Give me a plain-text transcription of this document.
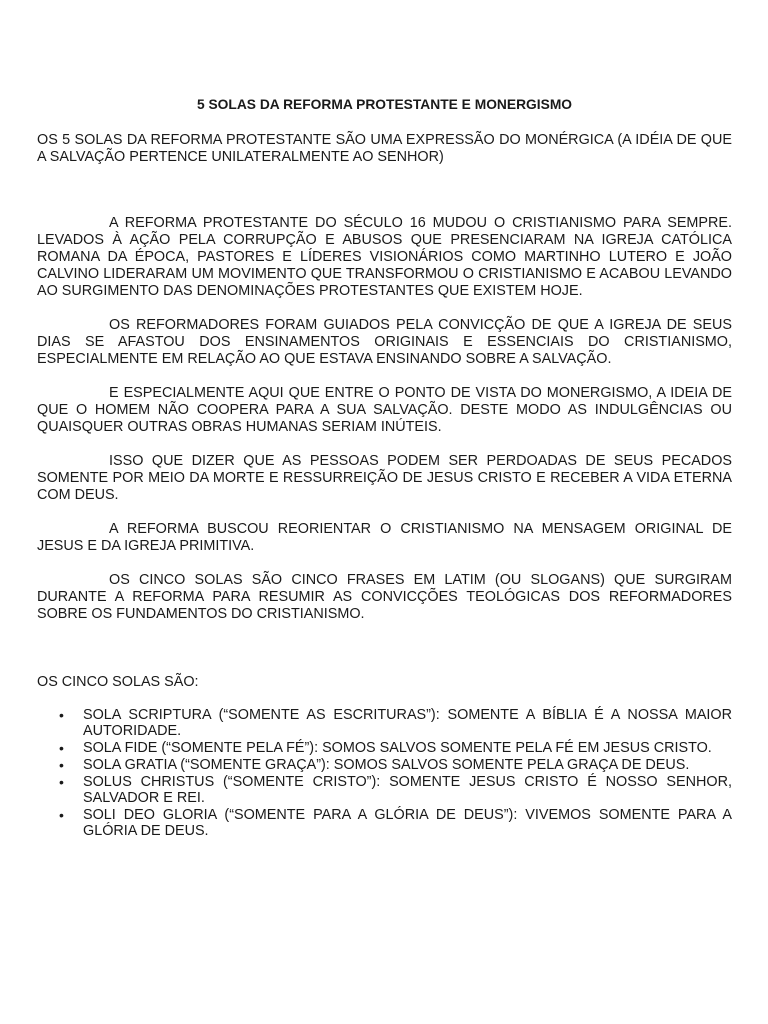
5 SOLAS DA REFORMA PROTESTANTE E MONERGISMO

OS 5 SOLAS DA REFORMA PROTESTANTE SÃO UMA EXPRESSÃO DO MONÉRGICA (A IDÉIA DE QUE A SALVAÇÃO PERTENCE UNILATERALMENTE AO SENHOR)

A REFORMA PROTESTANTE DO SÉCULO 16 MUDOU O CRISTIANISMO PARA SEMPRE. LEVADOS À AÇÃO PELA CORRUPÇÃO E ABUSOS QUE PRESENCIARAM NA IGREJA CATÓLICA ROMANA DA ÉPOCA, PASTORES E LÍDERES VISIONÁRIOS COMO MARTINHO LUTERO E JOÃO CALVINO LIDERARAM UM MOVIMENTO QUE TRANSFORMOU O CRISTIANISMO E ACABOU LEVANDO AO SURGIMENTO DAS DENOMINAÇÕES PROTESTANTES QUE EXISTEM HOJE.

OS REFORMADORES FORAM GUIADOS PELA CONVICÇÃO DE QUE A IGREJA DE SEUS DIAS SE AFASTOU DOS ENSINAMENTOS ORIGINAIS E ESSENCIAIS DO CRISTIANISMO, ESPECIALMENTE EM RELAÇÃO AO QUE ESTAVA ENSINANDO SOBRE A SALVAÇÃO.

E ESPECIALMENTE AQUI QUE ENTRE O PONTO DE VISTA DO MONERGISMO, A IDEIA DE QUE O HOMEM NÃO COOPERA PARA A SUA SALVAÇÃO. DESTE MODO AS INDULGÊNCIAS OU QUAISQUER OUTRAS OBRAS HUMANAS SERIAM INÚTEIS.

ISSO QUE DIZER QUE AS PESSOAS PODEM SER PERDOADAS DE SEUS PECADOS SOMENTE POR MEIO DA MORTE E RESSURREIÇÃO DE JESUS CRISTO E RECEBER A VIDA ETERNA COM DEUS.

A REFORMA BUSCOU REORIENTAR O CRISTIANISMO NA MENSAGEM ORIGINAL DE JESUS E DA IGREJA PRIMITIVA.

OS CINCO SOLAS SÃO CINCO FRASES EM LATIM (OU SLOGANS) QUE SURGIRAM DURANTE A REFORMA PARA RESUMIR AS CONVICÇÕES TEOLÓGICAS DOS REFORMADORES SOBRE OS FUNDAMENTOS DO CRISTIANISMO.

OS CINCO SOLAS SÃO:

• SOLA SCRIPTURA (“SOMENTE AS ESCRITURAS”): SOMENTE A BÍBLIA É A NOSSA MAIOR AUTORIDADE.
• SOLA FIDE (“SOMENTE PELA FÉ”): SOMOS SALVOS SOMENTE PELA FÉ EM JESUS CRISTO.
• SOLA GRATIA (“SOMENTE GRAÇA”): SOMOS SALVOS SOMENTE PELA GRAÇA DE DEUS.
• SOLUS CHRISTUS (“SOMENTE CRISTO”): SOMENTE JESUS CRISTO É NOSSO SENHOR, SALVADOR E REI.
• SOLI DEO GLORIA (“SOMENTE PARA A GLÓRIA DE DEUS”): VIVEMOS SOMENTE PARA A GLÓRIA DE DEUS.
